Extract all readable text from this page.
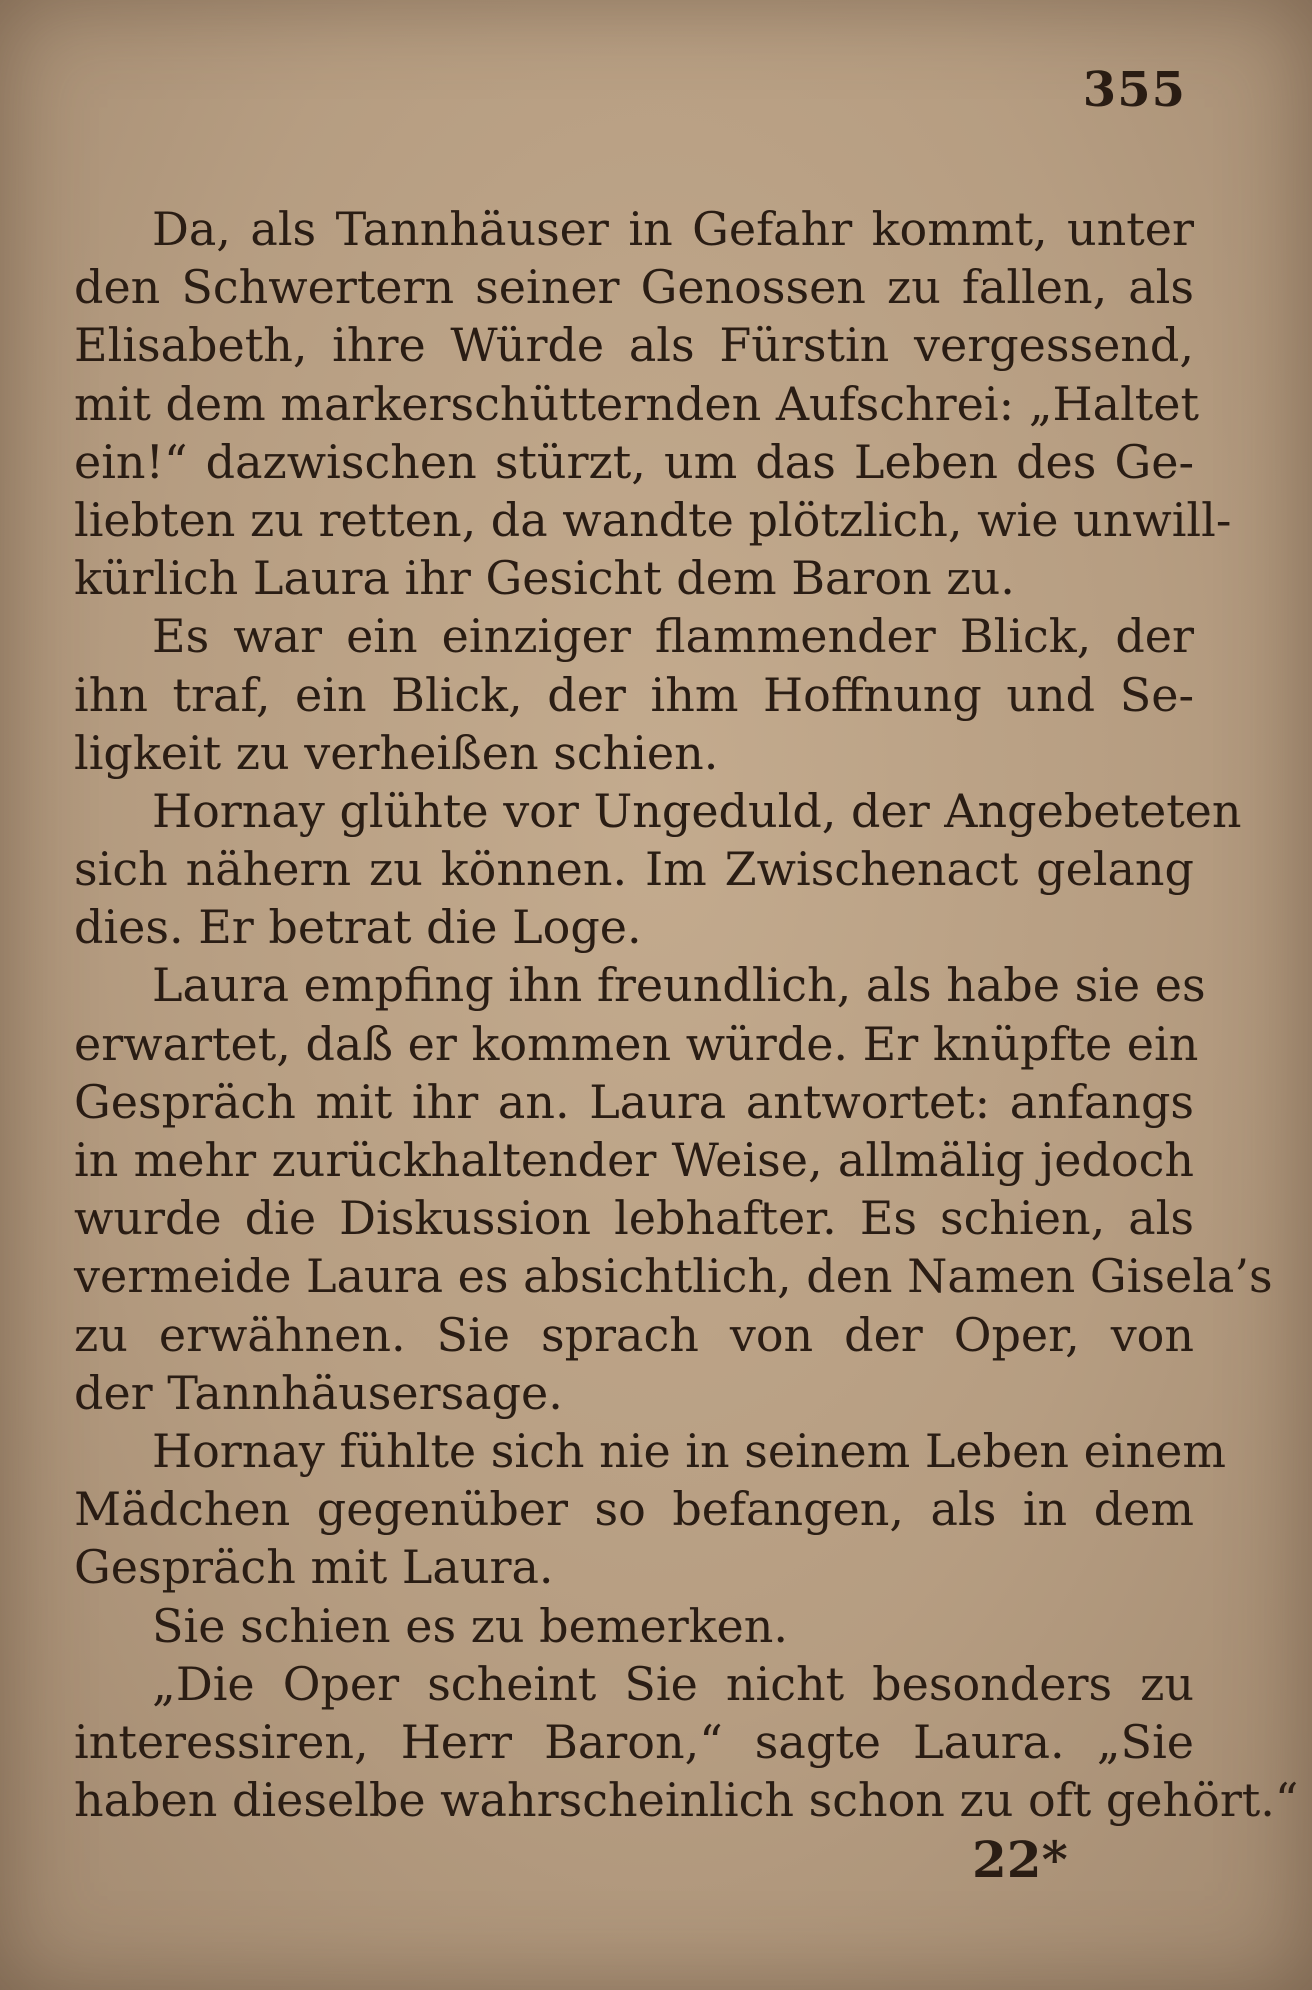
355
Da, als Tannhäuser in Gefahr kommt, unter
den Schwertern seiner Genossen zu fallen, als
Elisabeth, ihre Würde als Fürstin vergessend,
mit dem markerschütternden Aufschrei: „Haltet
ein!“ dazwischen stürzt, um das Leben des Ge-
liebten zu retten, da wandte plötzlich, wie unwill-
kürlich Laura ihr Gesicht dem Baron zu.
Es war ein einziger flammender Blick, der
ihn traf, ein Blick, der ihm Hoffnung und Se-
ligkeit zu verheißen schien.
Hornay glühte vor Ungeduld, der Angebeteten
sich nähern zu können. Im Zwischenact gelang
dies. Er betrat die Loge.
Laura empfing ihn freundlich, als habe sie es
erwartet, daß er kommen würde. Er knüpfte ein
Gespräch mit ihr an. Laura antwortet: anfangs
in mehr zurückhaltender Weise, allmälig jedoch
wurde die Diskussion lebhafter. Es schien, als
vermeide Laura es absichtlich, den Namen Gisela’s
zu erwähnen. Sie sprach von der Oper, von
der Tannhäusersage.
Hornay fühlte sich nie in seinem Leben einem
Mädchen gegenüber so befangen, als in dem
Gespräch mit Laura.
Sie schien es zu bemerken.
„Die Oper scheint Sie nicht besonders zu
interessiren, Herr Baron,“ sagte Laura. „Sie
haben dieselbe wahrscheinlich schon zu oft gehört.“
22*
